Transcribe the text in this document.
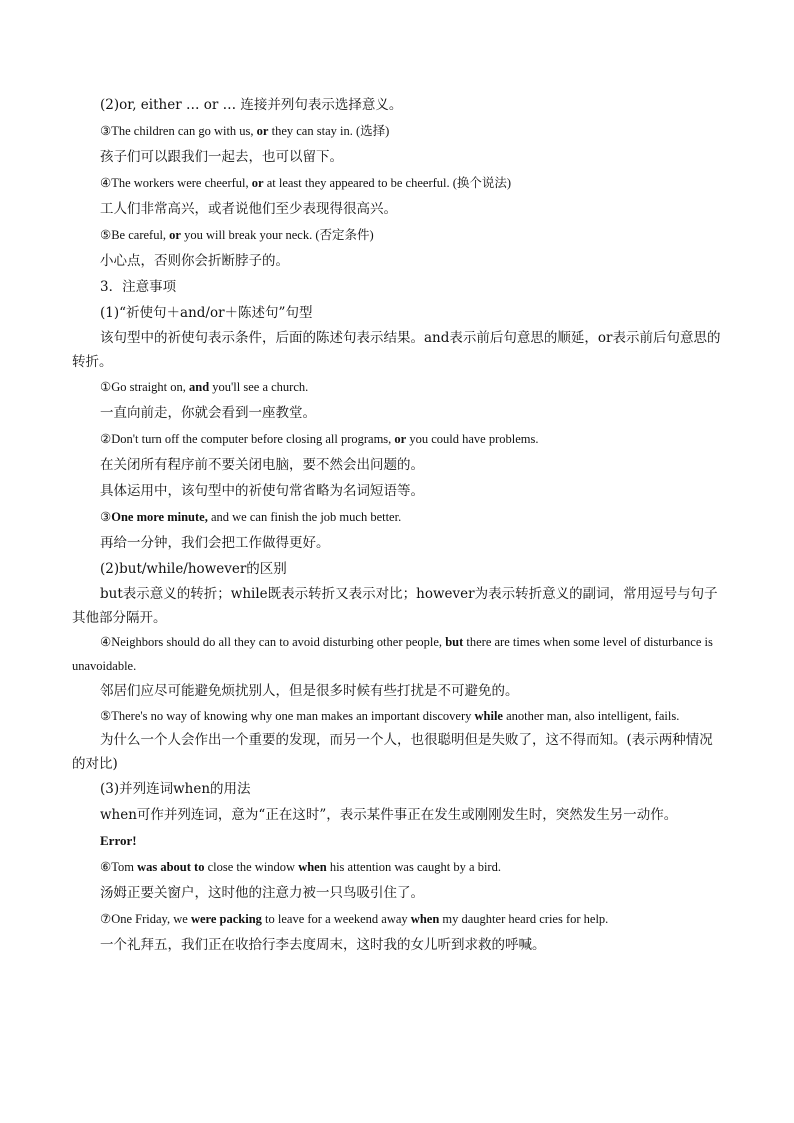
(2)or, either … or … 连接并列句表示选择意义。
③The children can go with us, or they can stay in. (选择)
孩子们可以跟我们一起去，也可以留下。
④The workers were cheerful, or at least they appeared to be cheerful. (换个说法)
工人们非常高兴，或者说他们至少表现得很高兴。
⑤Be careful, or you will break your neck. (否定条件)
小心点，否则你会折断脖子的。
3．注意事项
(1)“祈使句＋and/or＋陈述句”句型
该句型中的祈使句表示条件，后面的陈述句表示结果。and表示前后句意思的顺延，or表示前后句意思的转折。
①Go straight on, and you'll see a church.
一直向前走，你就会看到一座教堂。
②Don't turn off the computer before closing all programs, or you could have problems.
在关闭所有程序前不要关闭电脑，要不然会出问题的。
具体运用中，该句型中的祈使句常省略为名词短语等。
③One more minute, and we can finish the job much better.
再给一分钟，我们会把工作做得更好。
(2)but/while/however的区别
but表示意义的转折；while既表示转折又表示对比；however为表示转折意义的副词，常用逗号与句子其他部分隔开。
④Neighbors should do all they can to avoid disturbing other people, but there are times when some level of disturbance is unavoidable.
邻居们应尽可能避免烦扰别人，但是很多时候有些打扰是不可避免的。
⑤There's no way of knowing why one man makes an important discovery while another man, also intelligent, fails.
为什么一个人会作出一个重要的发现，而另一个人，也很聪明但是失败了，这不得而知。(表示两种情况的对比)
(3)并列连词when的用法
when可作并列连词，意为“正在这时”，表示某件事正在发生或刚刚发生时，突然发生另一动作。
Error!
⑥Tom was about to close the window when his attention was caught by a bird.
汤姆正要关窗户，这时他的注意力被一只鸟吸引住了。
⑦One Friday, we were packing to leave for a weekend away when my daughter heard cries for help.
一个礼拜五，我们正在收拾行李去度周末，这时我的女儿听到求救的呼喊。
